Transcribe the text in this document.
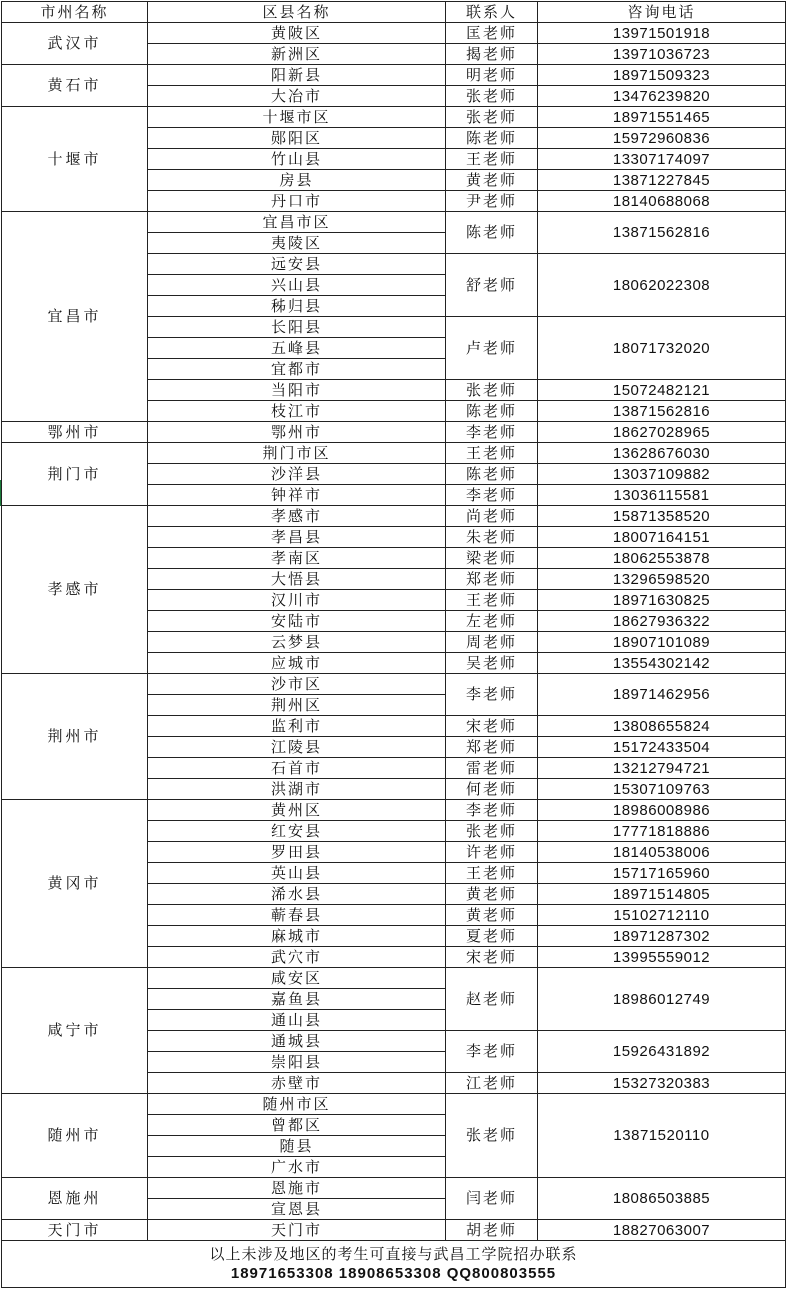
市州名称	区县名称	联系人	咨询电话
武汉市	黄陂区	匡老师	13971501918
	新洲区	揭老师	13971036723
黄石市	阳新县	明老师	18971509323
	大冶市	张老师	13476239820
十堰市	十堰市区	张老师	18971551465
	郧阳区	陈老师	15972960836
	竹山县	王老师	13307174097
	房县	黄老师	13871227845
	丹口市	尹老师	18140688068
宜昌市	宜昌市区	陈老师	13871562816
	夷陵区		
	远安县	舒老师	18062022308
	兴山县		
	秭归县		
	长阳县	卢老师	18071732020
	五峰县		
	宜都市		
	当阳市	张老师	15072482121
	枝江市	陈老师	13871562816
鄂州市	鄂州市	李老师	18627028965
荆门市	荆门市区	王老师	13628676030
	沙洋县	陈老师	13037109882
	钟祥市	李老师	13036115581
孝感市	孝感市	尚老师	15871358520
	孝昌县	朱老师	18007164151
	孝南区	梁老师	18062553878
	大悟县	郑老师	13296598520
	汉川市	王老师	18971630825
	安陆市	左老师	18627936322
	云梦县	周老师	18907101089
	应城市	吴老师	13554302142
荆州市	沙市区	李老师	18971462956
	荆州区		
	监利市	宋老师	13808655824
	江陵县	郑老师	15172433504
	石首市	雷老师	13212794721
	洪湖市	何老师	15307109763
黄冈市	黄州区	李老师	18986008986
	红安县	张老师	17771818886
	罗田县	许老师	18140538006
	英山县	王老师	15717165960
	浠水县	黄老师	18971514805
	蕲春县	黄老师	15102712110
	麻城市	夏老师	18971287302
	武穴市	宋老师	13995559012
咸宁市	咸安区	赵老师	18986012749
	嘉鱼县		
	通山县		
	通城县	李老师	15926431892
	崇阳县		
	赤壁市	江老师	15327320383
随州市	随州市区	张老师	13871520110
	曾都区		
	随县		
	广水市		
恩施州	恩施市	闫老师	18086503885
	宣恩县		
天门市	天门市	胡老师	18827063007

以上未涉及地区的考生可直接与武昌工学院招办联系
18971653308 18908653308 QQ800803555			
